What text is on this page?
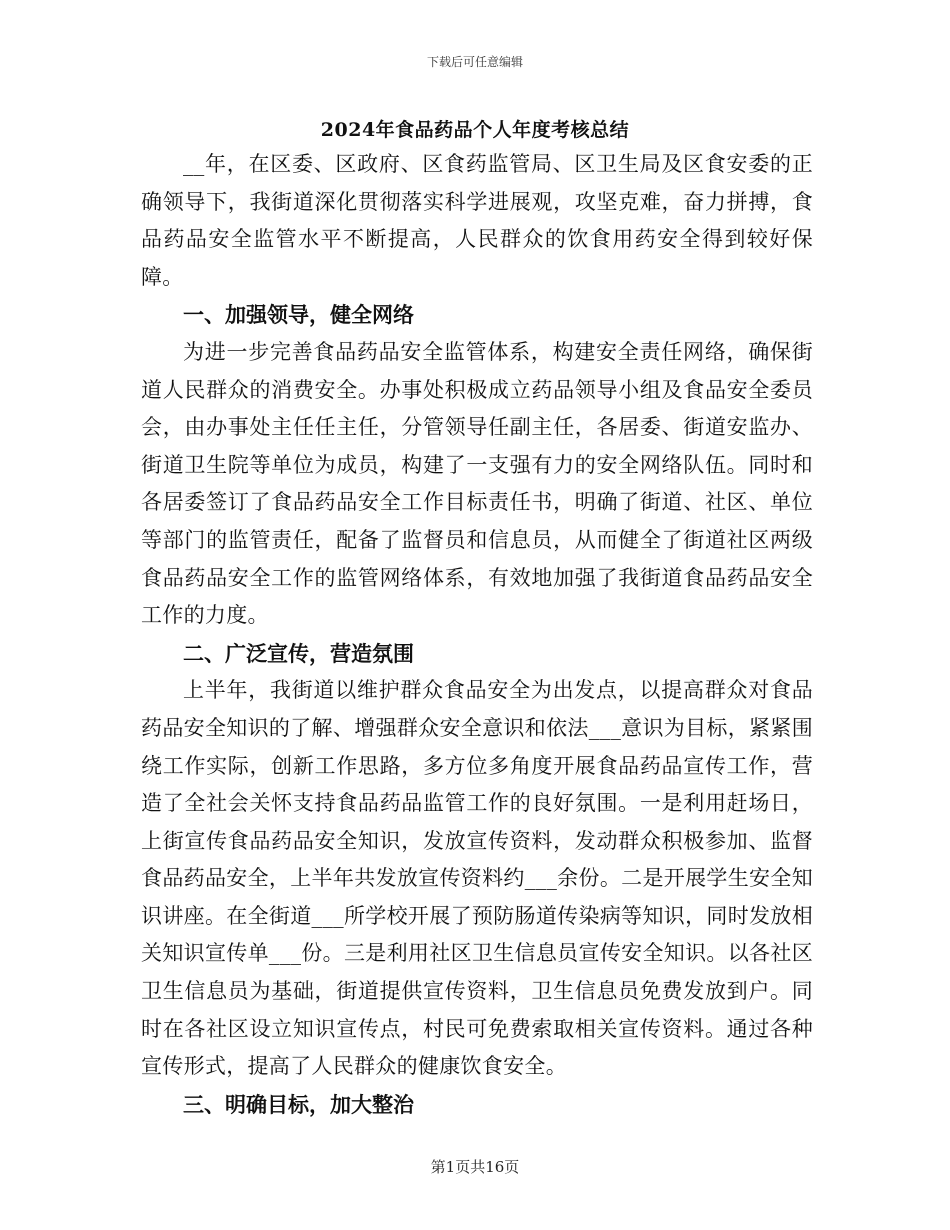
下载后可任意编辑
2024年食品药品个人年度考核总结

__年，在区委、区政府、区食药监管局、区卫生局及区食安委的正确领导下，我街道深化贯彻落实科学进展观，攻坚克难，奋力拼搏，食品药品安全监管水平不断提高，人民群众的饮食用药安全得到较好保障。

一、加强领导，健全网络

为进一步完善食品药品安全监管体系，构建安全责任网络，确保街道人民群众的消费安全。办事处积极成立药品领导小组及食品安全委员会，由办事处主任任主任，分管领导任副主任，各居委、街道安监办、街道卫生院等单位为成员，构建了一支强有力的安全网络队伍。同时和各居委签订了食品药品安全工作目标责任书，明确了街道、社区、单位等部门的监管责任，配备了监督员和信息员，从而健全了街道社区两级食品药品安全工作的监管网络体系，有效地加强了我街道食品药品安全工作的力度。

二、广泛宣传，营造氛围

上半年，我街道以维护群众食品安全为出发点，以提高群众对食品药品安全知识的了解、增强群众安全意识和依法___意识为目标，紧紧围绕工作实际，创新工作思路，多方位多角度开展食品药品宣传工作，营造了全社会关怀支持食品药品监管工作的良好氛围。一是利用赶场日，上街宣传食品药品安全知识，发放宣传资料，发动群众积极参加、监督食品药品安全，上半年共发放宣传资料约___余份。二是开展学生安全知识讲座。在全街道___所学校开展了预防肠道传染病等知识，同时发放相关知识宣传单___份。三是利用社区卫生信息员宣传安全知识。以各社区卫生信息员为基础，街道提供宣传资料，卫生信息员免费发放到户。同时在各社区设立知识宣传点，村民可免费索取相关宣传资料。通过各种宣传形式，提高了人民群众的健康饮食安全。

三、明确目标，加大整治

第1页共16页
